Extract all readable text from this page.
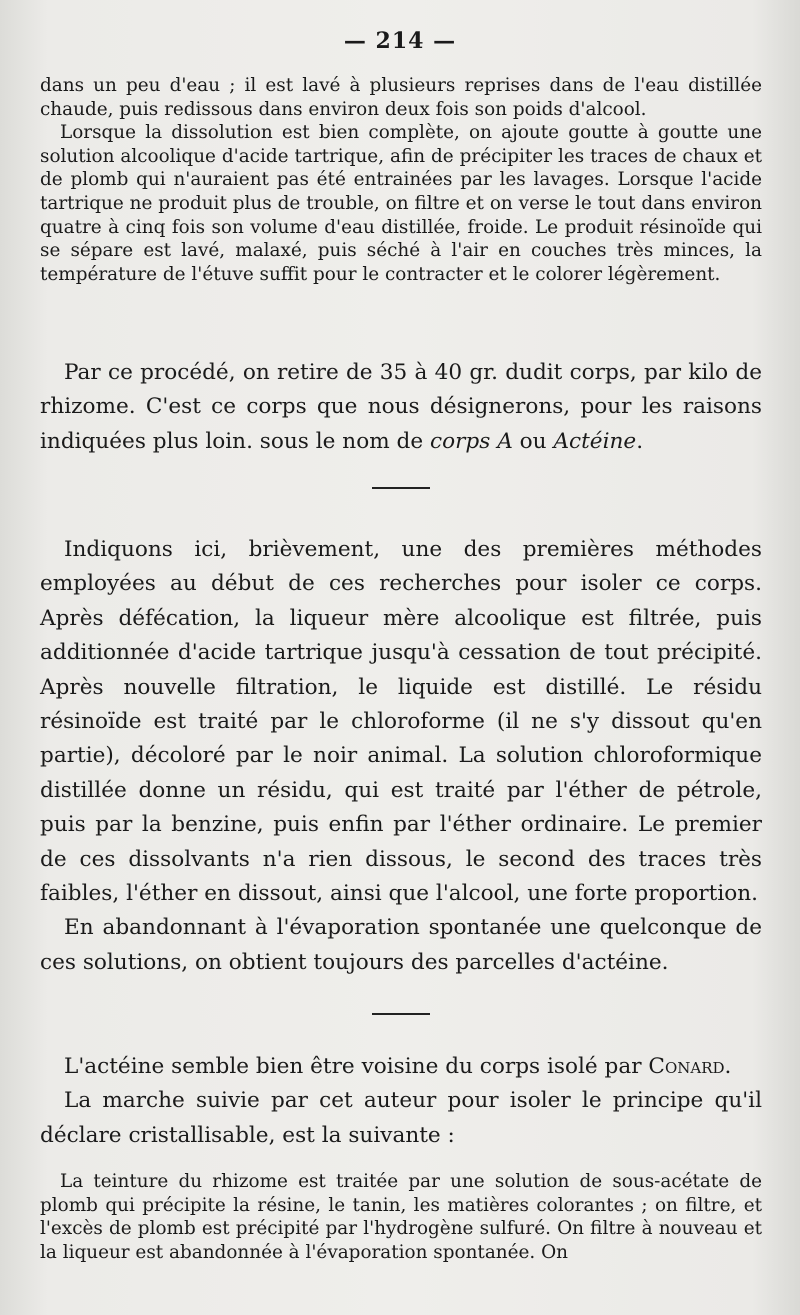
— 214 —

dans un peu d'eau ; il est lavé à plusieurs reprises dans de l'eau distillée chaude, puis redissous dans environ deux fois son poids d'alcool.

Lorsque la dissolution est bien complète, on ajoute goutte à goutte une solution alcoolique d'acide tartrique, afin de précipiter les traces de chaux et de plomb qui n'auraient pas été entrainées par les lavages. Lorsque l'acide tartrique ne produit plus de trouble, on filtre et on verse le tout dans environ quatre à cinq fois son volume d'eau distillée, froide. Le produit résinoïde qui se sépare est lavé, malaxé, puis séché à l'air en couches très minces, la température de l'étuve suffit pour le contracter et le colorer légèrement.

Par ce procédé, on retire de 35 à 40 gr. dudit corps, par kilo de rhizome. C'est ce corps que nous désignerons, pour les raisons indiquées plus loin. sous le nom de corps A ou Actéine.

Indiquons ici, brièvement, une des premières méthodes employées au début de ces recherches pour isoler ce corps. Après défécation, la liqueur mère alcoolique est filtrée, puis additionnée d'acide tartrique jusqu'à cessation de tout précipité. Après nouvelle filtration, le liquide est distillé. Le résidu résinoïde est traité par le chloroforme (il ne s'y dissout qu'en partie), décoloré par le noir animal. La solution chloroformique distillée donne un résidu, qui est traité par l'éther de pétrole, puis par la benzine, puis enfin par l'éther ordinaire. Le premier de ces dissolvants n'a rien dissous, le second des traces très faibles, l'éther en dissout, ainsi que l'alcool, une forte proportion.

En abandonnant à l'évaporation spontanée une quelconque de ces solutions, on obtient toujours des parcelles d'actéine.

L'actéine semble bien être voisine du corps isolé par Conard.

La marche suivie par cet auteur pour isoler le principe qu'il déclare cristallisable, est la suivante :

La teinture du rhizome est traitée par une solution de sous-acétate de plomb qui précipite la résine, le tanin, les matières colorantes ; on filtre, et l'excès de plomb est précipité par l'hydrogène sulfuré. On filtre à nouveau et la liqueur est abandonnée à l'évaporation spontanée. On
